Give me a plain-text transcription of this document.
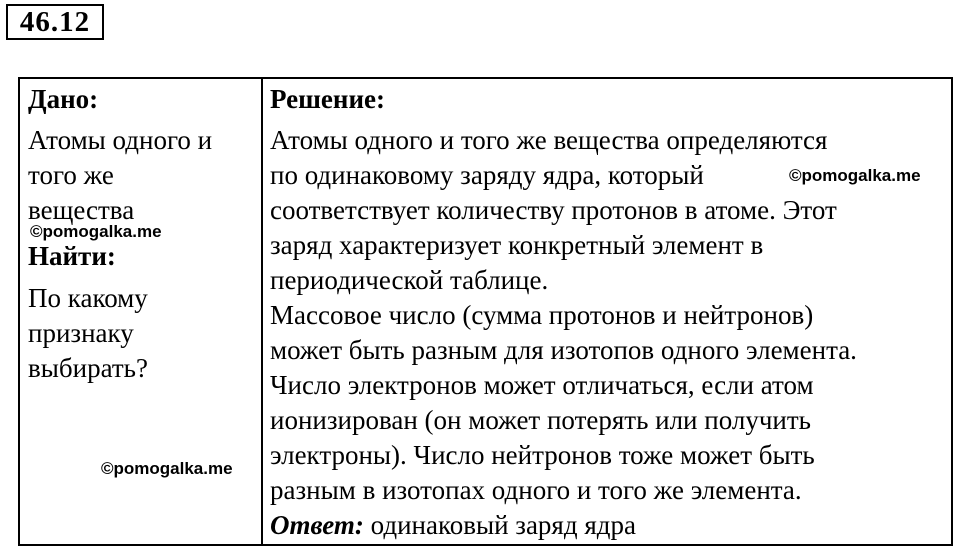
46.12
Дано:
Атомы одного и
того же
вещества
Найти:
По какому
признаку
выбирать?
Решение:
Атомы одного и того же вещества определяются
по одинаковому заряду ядра, который
соответствует количеству протонов в атоме. Этот
заряд характеризует конкретный элемент в
периодической таблице.
Массовое число (сумма протонов и нейтронов)
может быть разным для изотопов одного элемента.
Число электронов может отличаться, если атом
ионизирован (он может потерять или получить
электроны). Число нейтронов тоже может быть
разным в изотопах одного и того же элемента.
Ответ: одинаковый заряд ядра
©pomogalka.me
©pomogalka.me
©pomogalka.me
